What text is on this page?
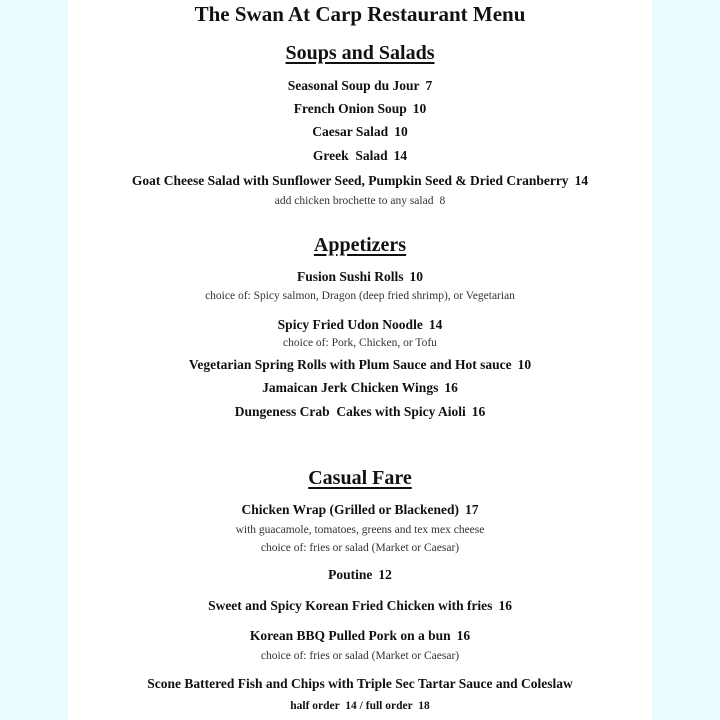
The Swan At Carp Restaurant Menu
Soups and Salads
Seasonal Soup du Jour 7
French Onion Soup 10
Caesar Salad 10
Greek  Salad 14
Goat Cheese Salad with Sunflower Seed, Pumpkin Seed & Dried Cranberry 14
add chicken brochette to any salad 8
Appetizers
Fusion Sushi Rolls 10
choice of: Spicy salmon, Dragon (deep fried shrimp), or Vegetarian
Spicy Fried Udon Noodle 14
choice of: Pork, Chicken, or Tofu
Vegetarian Spring Rolls with Plum Sauce and Hot sauce 10
Jamaican Jerk Chicken Wings 16
Dungeness Crab  Cakes with Spicy Aioli 16
Casual Fare
Chicken Wrap (Grilled or Blackened) 17
with guacamole, tomatoes, greens and tex mex cheese
choice of: fries or salad (Market or Caesar)
Poutine 12
Sweet and Spicy Korean Fried Chicken with fries 16
Korean BBQ Pulled Pork on a bun 16
choice of: fries or salad (Market or Caesar)
Scone Battered Fish and Chips with Triple Sec Tartar Sauce and Coleslaw
half order  14 / full order  18
